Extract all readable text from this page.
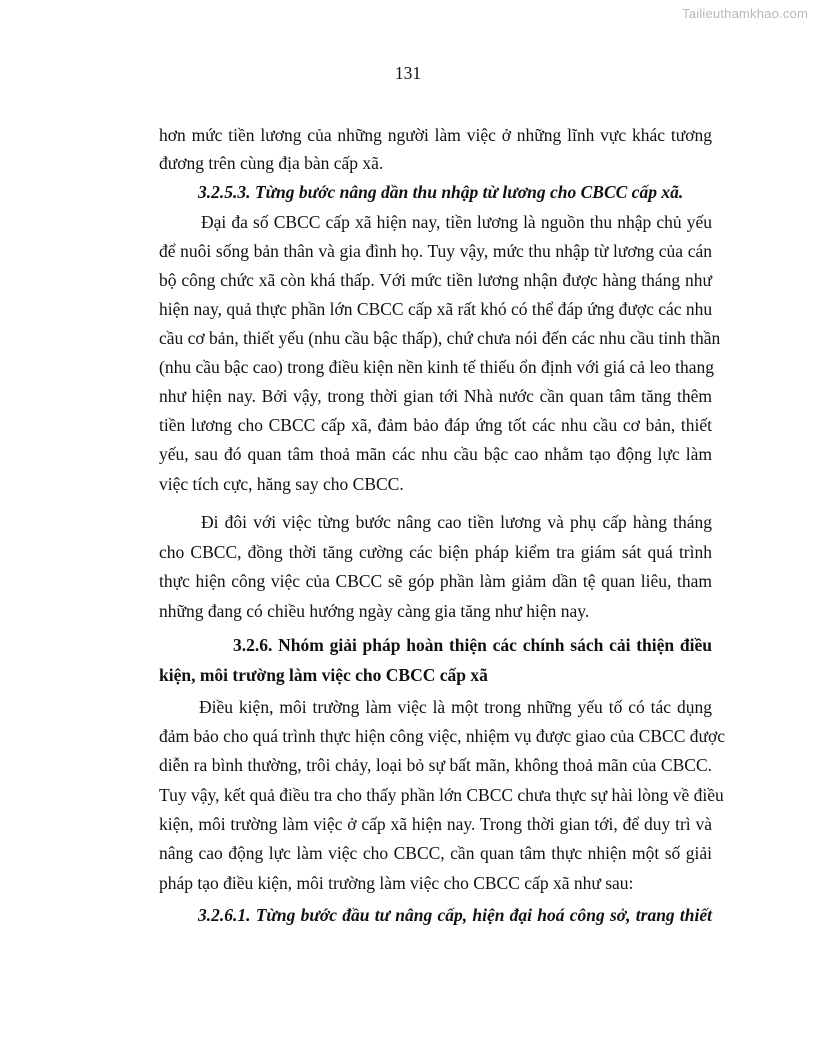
Tailieuthamkhao.com
131
hơn mức tiền lương của những người làm việc ở những lĩnh vực khác tương
đương trên cùng địa bàn cấp xã.
3.2.5.3. Từng bước nâng dần thu nhập từ lương cho CBCC cấp xã.
Đại đa số CBCC cấp xã hiện nay, tiền lương là nguồn thu nhập chủ yếu
để nuôi sống bản thân và gia đình họ. Tuy vậy, mức thu nhập từ lương của cán
bộ công chức xã còn khá thấp. Với mức tiền lương nhận được hàng tháng như
hiện nay, quả thực phần lớn CBCC cấp xã rất khó có thể đáp ứng được các nhu
cầu cơ bản, thiết yếu (nhu cầu bậc thấp), chứ chưa nói đến các nhu cầu tinh thần
(nhu cầu bậc cao) trong điều kiện nền kinh tế thiếu ổn định với giá cả leo thang
như hiện nay. Bởi vậy, trong thời gian tới Nhà nước cần quan tâm tăng thêm
tiền lương cho CBCC cấp xã, đảm bảo đáp ứng tốt các nhu cầu cơ bản, thiết
yếu, sau đó quan tâm thoả mãn các nhu cầu bậc cao nhằm tạo động lực làm
việc tích cực, hăng say cho CBCC.
Đi đôi với việc từng bước nâng cao tiền lương và phụ cấp hàng tháng
cho CBCC, đồng thời tăng cường các biện pháp kiểm tra giám sát quá trình
thực hiện công việc của CBCC sẽ góp phần làm giảm dần tệ quan liêu, tham
những đang có chiều hướng ngày càng gia tăng như hiện nay.
3.2.6. Nhóm giải pháp hoàn thiện các chính sách cải thiện điều
kiện, môi trường làm việc cho CBCC cấp xã
Điều kiện, môi trường làm việc là một trong những yếu tố có tác dụng
đảm bảo cho quá trình thực hiện công việc, nhiệm vụ được giao của CBCC được
diễn ra bình thường, trôi chảy, loại bỏ sự bất mãn, không thoả mãn của CBCC.
Tuy vậy, kết quả điều tra cho thấy phần lớn CBCC chưa thực sự hài lòng về điều
kiện, môi trường làm việc ở cấp xã hiện nay. Trong thời gian tới, để duy trì và
nâng cao động lực làm việc cho CBCC, cần quan tâm thực nhiện một số giải
pháp tạo điều kiện, môi trường làm việc cho CBCC cấp xã như sau:
3.2.6.1. Từng bước đầu tư nâng cấp, hiện đại hoá công sở, trang thiết
